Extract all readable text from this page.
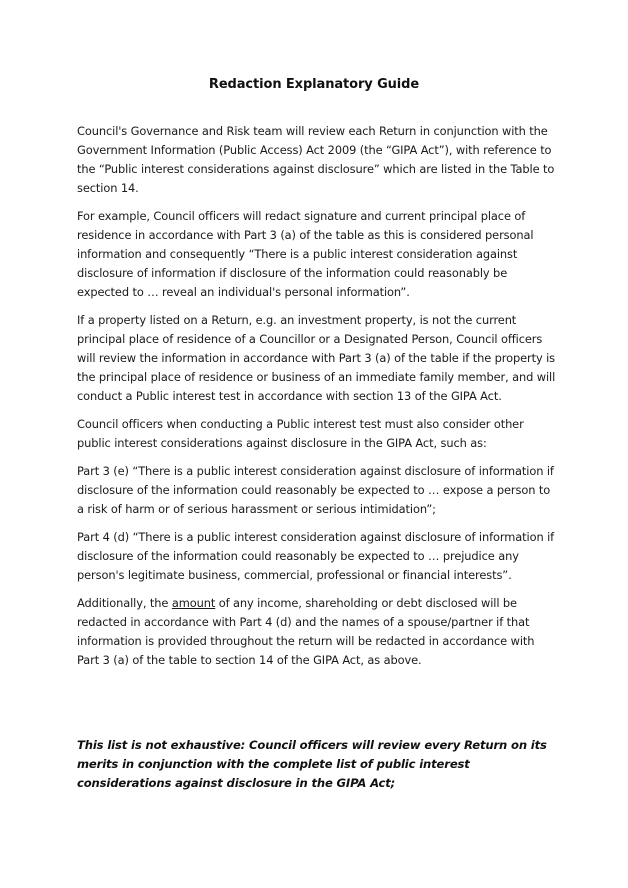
Redaction Explanatory Guide

Council's Governance and Risk team will review each Return in conjunction with the Government Information (Public Access) Act 2009 (the “GIPA Act”), with reference to the “Public interest considerations against disclosure” which are listed in the Table to section 14.

For example, Council officers will redact signature and current principal place of residence in accordance with Part 3 (a) of the table as this is considered personal information and consequently “There is a public interest consideration against disclosure of information if disclosure of the information could reasonably be expected to … reveal an individual's personal information”.

If a property listed on a Return, e.g. an investment property, is not the current principal place of residence of a Councillor or a Designated Person, Council officers will review the information in accordance with Part 3 (a) of the table if the property is the principal place of residence or business of an immediate family member, and will conduct a Public interest test in accordance with section 13 of the GIPA Act.

Council officers when conducting a Public interest test must also consider other public interest considerations against disclosure in the GIPA Act, such as:

Part 3 (e) “There is a public interest consideration against disclosure of information if disclosure of the information could reasonably be expected to … expose a person to a risk of harm or of serious harassment or serious intimidation”;

Part 4 (d) “There is a public interest consideration against disclosure of information if disclosure of the information could reasonably be expected to … prejudice any person's legitimate business, commercial, professional or financial interests”.

Additionally, the amount of any income, shareholding or debt disclosed will be redacted in accordance with Part 4 (d) and the names of a spouse/partner if that information is provided throughout the return will be redacted in accordance with Part 3 (a) of the table to section 14 of the GIPA Act, as above.

This list is not exhaustive: Council officers will review every Return on its merits in conjunction with the complete list of public interest considerations against disclosure in the GIPA Act;
